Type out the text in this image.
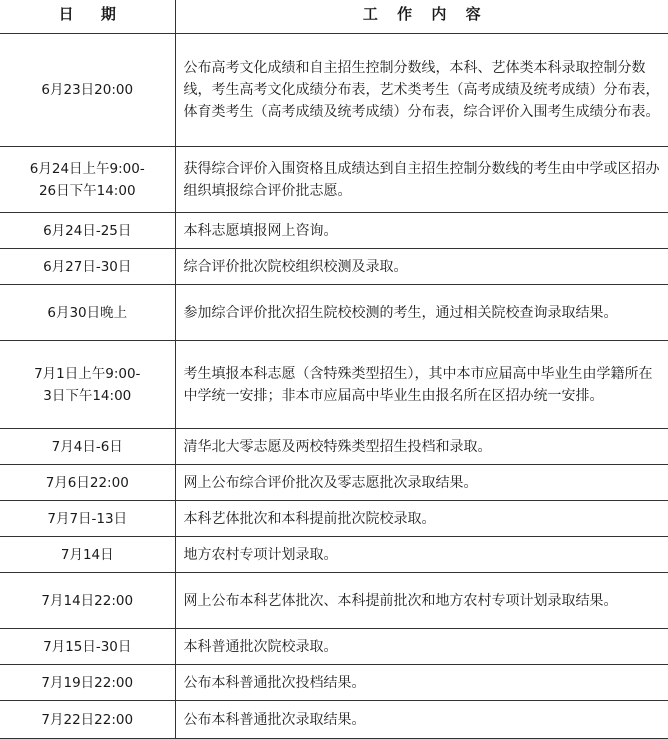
日 期	工 作 内 容

6月23日20:00	公布高考文化成绩和自主招生控制分数线，本科、艺体类本科录取控制分数线，考生高考文化成绩分布表，艺术类考生（高考成绩及统考成绩）分布表，体育类考生（高考成绩及统考成绩）分布表，综合评价入围考生成绩分布表。

6月24日上午9:00-
26日下午14:00	获得综合评价入围资格且成绩达到自主招生控制分数线的考生由中学或区招办组织填报综合评价批志愿。

6月24日-25日	本科志愿填报网上咨询。

6月27日-30日	综合评价批次院校组织校测及录取。

6月30日晚上	参加综合评价批次招生院校校测的考生，通过相关院校查询录取结果。

7月1日上午9:00-
3日下午14:00	考生填报本科志愿（含特殊类型招生），其中本市应届高中毕业生由学籍所在中学统一安排；非本市应届高中毕业生由报名所在区招办统一安排。

7月4日-6日	清华北大零志愿及两校特殊类型招生投档和录取。

7月6日22:00	网上公布综合评价批次及零志愿批次录取结果。

7月7日-13日	本科艺体批次和本科提前批次院校录取。

7月14日	地方农村专项计划录取。

7月14日22:00	网上公布本科艺体批次、本科提前批次和地方农村专项计划录取结果。

7月15日-30日	本科普通批次院校录取。

7月19日22:00	公布本科普通批次投档结果。

7月22日22:00	公布本科普通批次录取结果。
